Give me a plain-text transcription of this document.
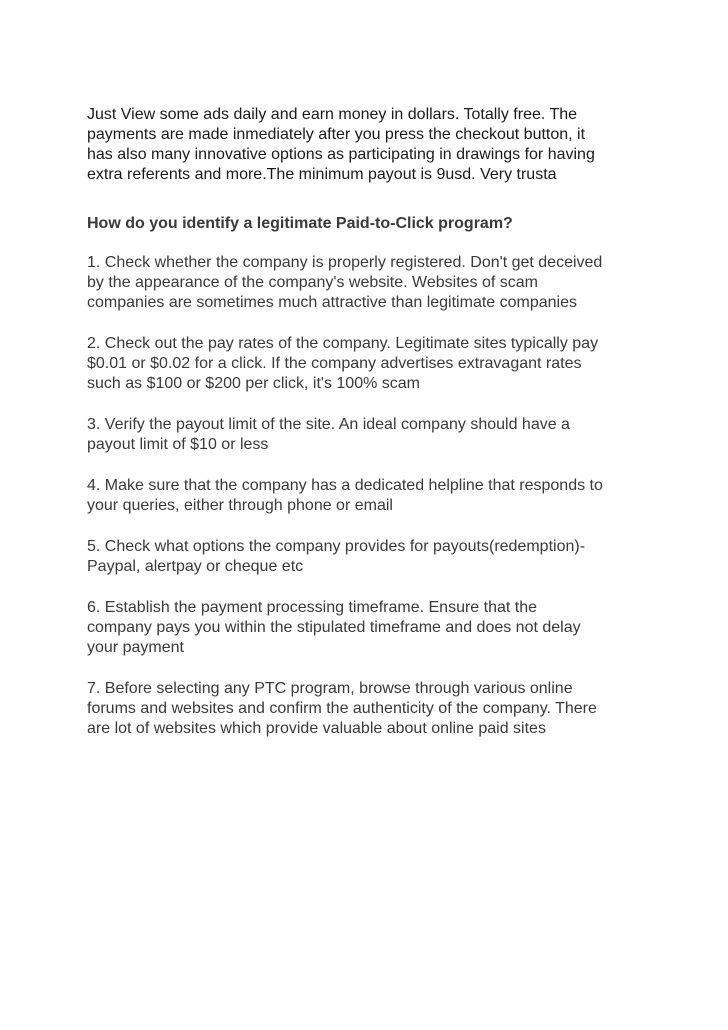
Just View some ads daily and earn money in dollars. Totally free. The
payments are made inmediately after you press the checkout button, it
has also many innovative options as participating in drawings for having
extra referents and more.The minimum payout is 9usd. Very trusta

How do you identify a legitimate Paid-to-Click program?

1. Check whether the company is properly registered. Don't get deceived
by the appearance of the company's website. Websites of scam
companies are sometimes much attractive than legitimate companies

2. Check out the pay rates of the company. Legitimate sites typically pay
$0.01 or $0.02 for a click. If the company advertises extravagant rates
such as $100 or $200 per click, it's 100% scam

3. Verify the payout limit of the site. An ideal company should have a
payout limit of $10 or less

4. Make sure that the company has a dedicated helpline that responds to
your queries, either through phone or email

5. Check what options the company provides for payouts(redemption)-
Paypal, alertpay or cheque etc

6. Establish the payment processing timeframe. Ensure that the
company pays you within the stipulated timeframe and does not delay
your payment

7. Before selecting any PTC program, browse through various online
forums and websites and confirm the authenticity of the company. There
are lot of websites which provide valuable about online paid sites
